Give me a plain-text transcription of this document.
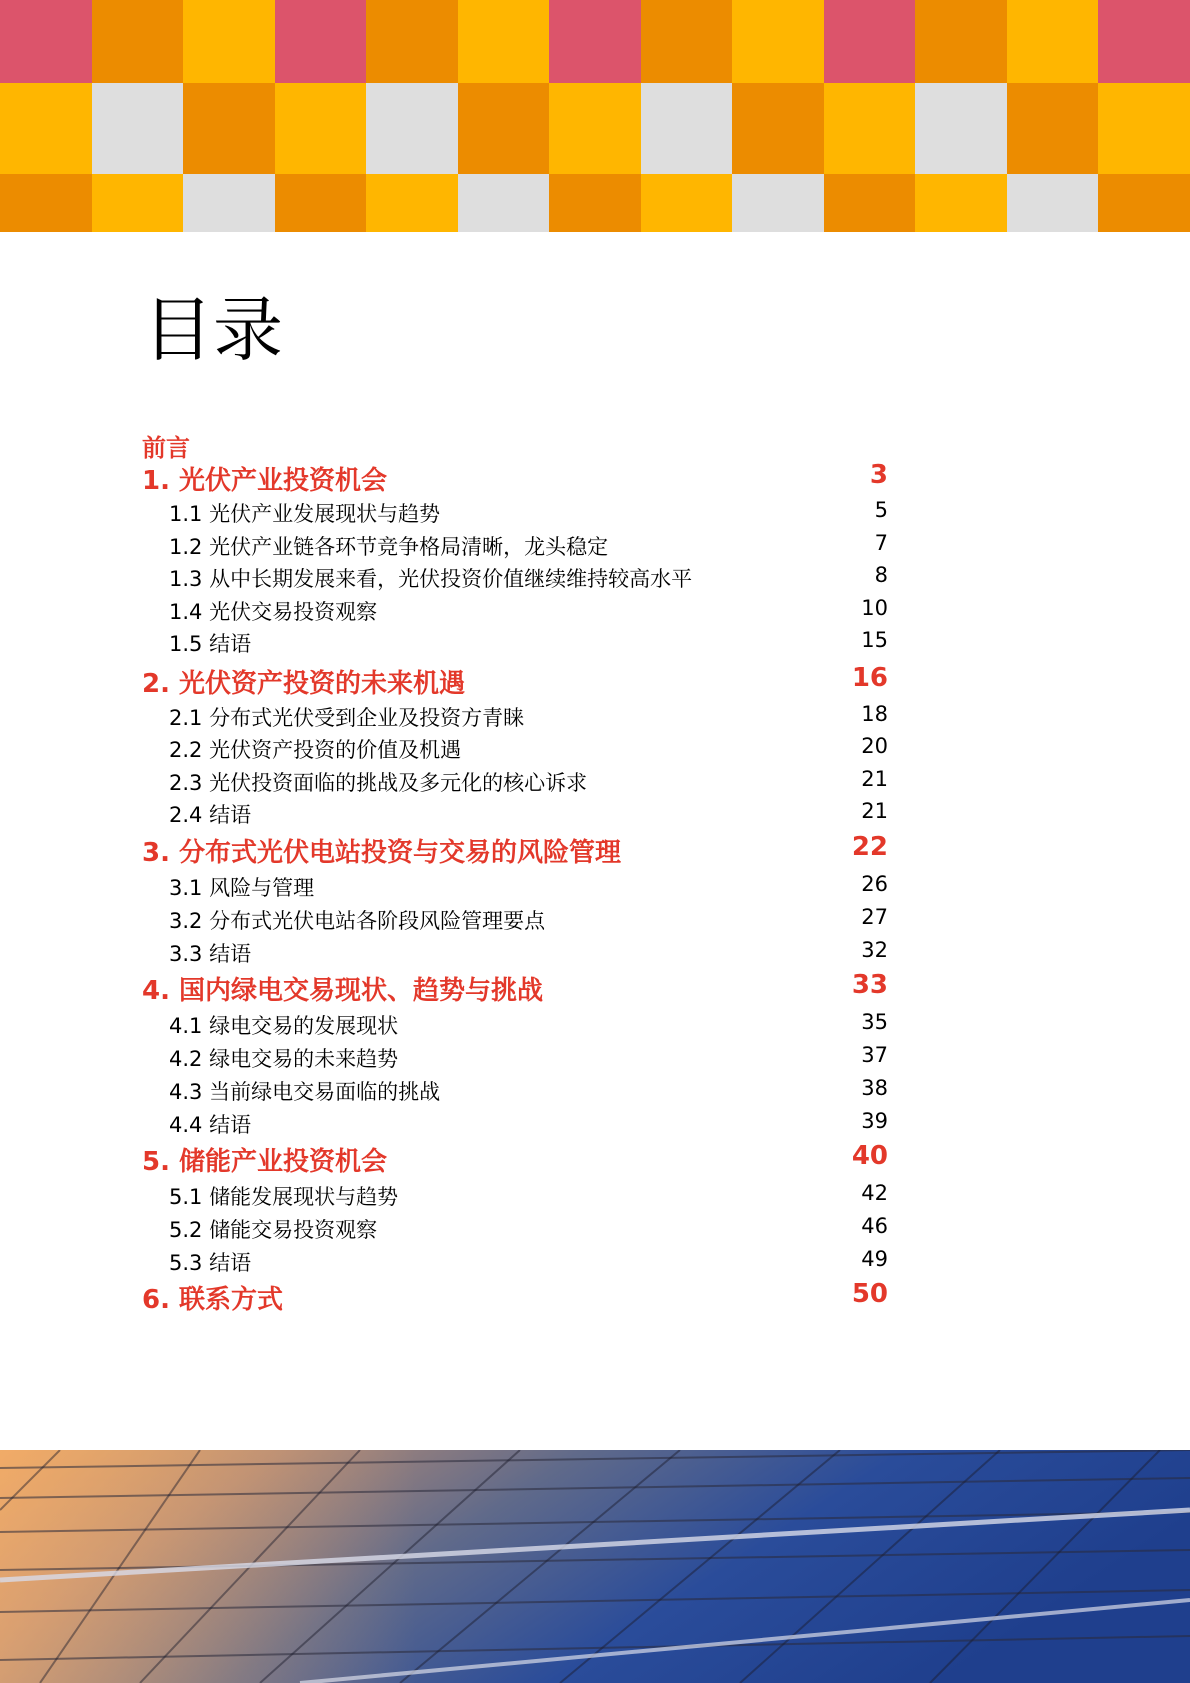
目录
前言
1. 光伏产业投资机会	3
1.1 光伏产业发展现状与趋势	5
1.2 光伏产业链各环节竞争格局清晰，龙头稳定	7
1.3 从中长期发展来看，光伏投资价值继续维持较高水平	8
1.4 光伏交易投资观察	10
1.5 结语	15
2. 光伏资产投资的未来机遇	16
2.1 分布式光伏受到企业及投资方青睐	18
2.2 光伏资产投资的价值及机遇	20
2.3 光伏投资面临的挑战及多元化的核心诉求	21
2.4 结语	21
3. 分布式光伏电站投资与交易的风险管理	22
3.1 风险与管理	26
3.2 分布式光伏电站各阶段风险管理要点	27
3.3 结语	32
4. 国内绿电交易现状、趋势与挑战	33
4.1 绿电交易的发展现状	35
4.2 绿电交易的未来趋势	37
4.3 当前绿电交易面临的挑战	38
4.4 结语	39
5. 储能产业投资机会	40
5.1 储能发展现状与趋势	42
5.2 储能交易投资观察	46
5.3 结语	49
6. 联系方式	50
